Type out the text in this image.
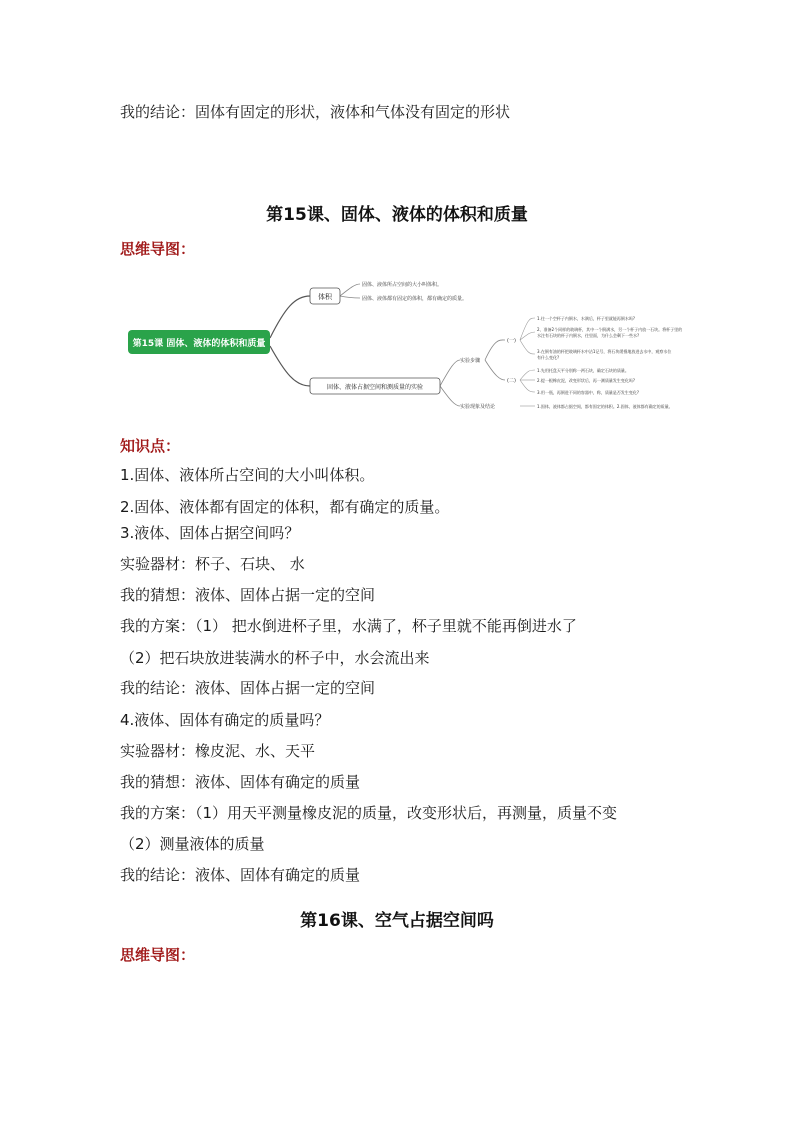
我的结论：固体有固定的形状，液体和气体没有固定的形状
第15课、固体、液体的体积和质量
思维导图：
第15课 固体、液体的体积和质量
体积
固体、液体所占空间的大小叫体积。
固体、液体都有固定的体积，都有确定的质量。
固体、液体占据空间和测质量的实验
实验步骤
实验现象及结论
(一)
(二)
1.往一个空杯子内倒水，水满后，杯子里就能再倒水吗?
2、准备2个同样的玻璃杯，其中一个倒满水，另一个杯子内放一石块。将杯子里的
水注有石块的杯子内倒水，往里面，为什么会剩下一些水?
3.在倒有油的杯把玻璃杯水中沾1记号，将石块缓慢地放进去水中，观察水位
有什么变化?
1.先用托盘天平分别称一两石块，确定石块的质量。
2.提一根橡皮泥，改变形状后，再一测质量发生变化吗?
3.用一瓶，再倒进不同的容器中，称，质量是否发生变化?
1.固体、液体都占据空间，都有固定的体积。2.固体、液体都有确定的质量。
知识点：
1.固体、液体所占空间的大小叫体积。
2.固体、液体都有固定的体积，都有确定的质量。
3.液体、固体占据空间吗？
实验器材：杯子、石块、 水
我的猜想：液体、固体占据一定的空间
我的方案：（1） 把水倒进杯子里，水满了，杯子里就不能再倒进水了
（2）把石块放进装满水的杯子中，水会流出来
我的结论：液体、固体占据一定的空间
4.液体、固体有确定的质量吗？
实验器材：橡皮泥、水、天平
我的猜想：液体、固体有确定的质量
我的方案：（1）用天平测量橡皮泥的质量，改变形状后，再测量，质量不变
（2）测量液体的质量
我的结论：液体、固体有确定的质量
第16课、空气占据空间吗
思维导图：
